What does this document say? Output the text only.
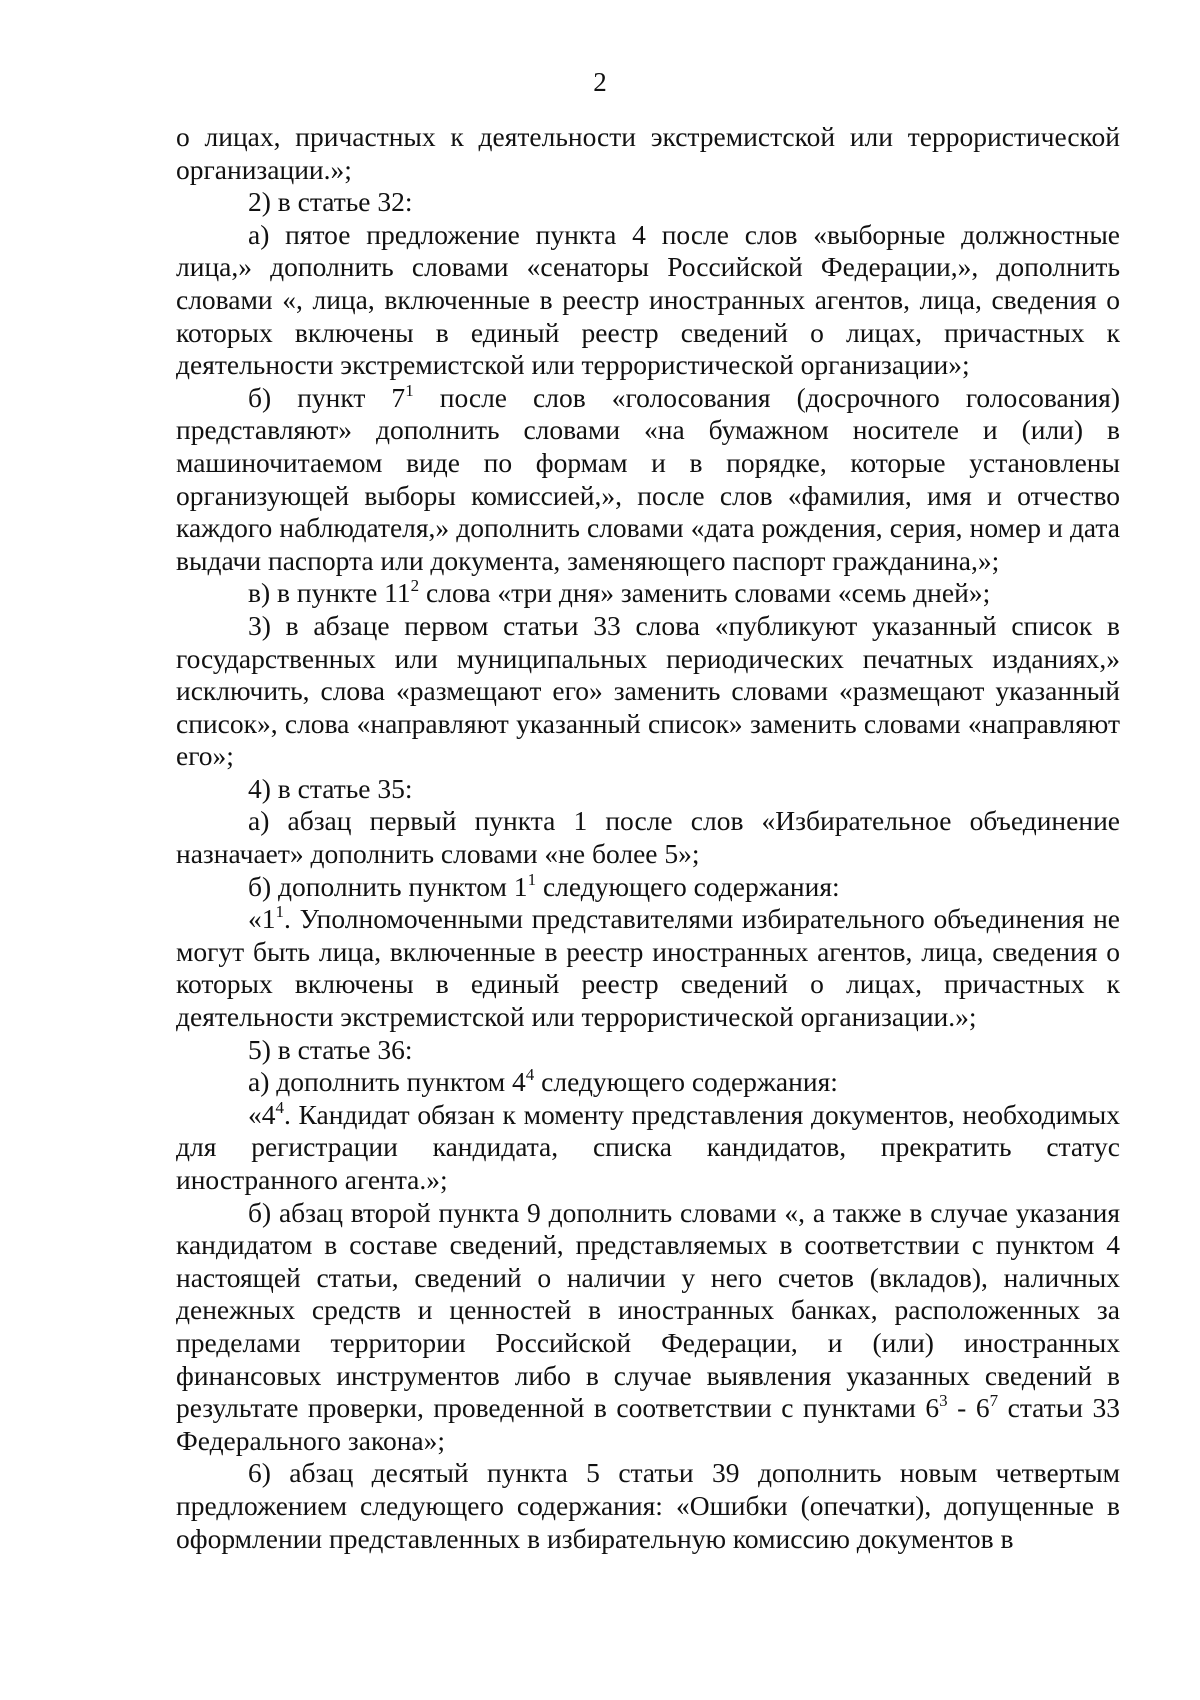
2

о лицах, причастных к деятельности экстремистской или террористической организации.»;

2) в статье 32:

а) пятое предложение пункта 4 после слов «выборные должностные лица,» дополнить словами «сенаторы Российской Федерации,», дополнить словами «, лица, включенные в реестр иностранных агентов, лица, сведения о которых включены в единый реестр сведений о лицах, причастных к деятельности экстремистской или террористической организации»;

б) пункт $7^1$ после слов «голосования (досрочного голосования) представляют» дополнить словами «на бумажном носителе и (или) в машиночитаемом виде по формам и в порядке, которые установлены организующей выборы комиссией,», после слов «фамилия, имя и отчество каждого наблюдателя,» дополнить словами «дата рождения, серия, номер и дата выдачи паспорта или документа, заменяющего паспорт гражданина,»;

в) в пункте $11^2$ слова «три дня» заменить словами «семь дней»;

3) в абзаце первом статьи 33 слова «публикуют указанный список в государственных или муниципальных периодических печатных изданиях,» исключить, слова «размещают его» заменить словами «размещают указанный список», слова «направляют указанный список» заменить словами «направляют его»;

4) в статье 35:

а) абзац первый пункта 1 после слов «Избирательное объединение назначает» дополнить словами «не более 5»;

б) дополнить пунктом $1^1$ следующего содержания:

«$1^1$. Уполномоченными представителями избирательного объединения не могут быть лица, включенные в реестр иностранных агентов, лица, сведения о которых включены в единый реестр сведений о лицах, причастных к деятельности экстремистской или террористической организации.»;

5) в статье 36:

а) дополнить пунктом $4^4$ следующего содержания:

«$4^4$. Кандидат обязан к моменту представления документов, необходимых для регистрации кандидата, списка кандидатов, прекратить статус иностранного агента.»;

б) абзац второй пункта 9 дополнить словами «, а также в случае указания кандидатом в составе сведений, представляемых в соответствии с пунктом 4 настоящей статьи, сведений о наличии у него счетов (вкладов), наличных денежных средств и ценностей в иностранных банках, расположенных за пределами территории Российской Федерации, и (или) иностранных финансовых инструментов либо в случае выявления указанных сведений в результате проверки, проведенной в соответствии с пунктами $6^3 - 6^7$ статьи 33 Федерального закона»;

6) абзац десятый пункта 5 статьи 39 дополнить новым четвертым предложением следующего содержания: «Ошибки (опечатки), допущенные в оформлении представленных в избирательную комиссию документов в
